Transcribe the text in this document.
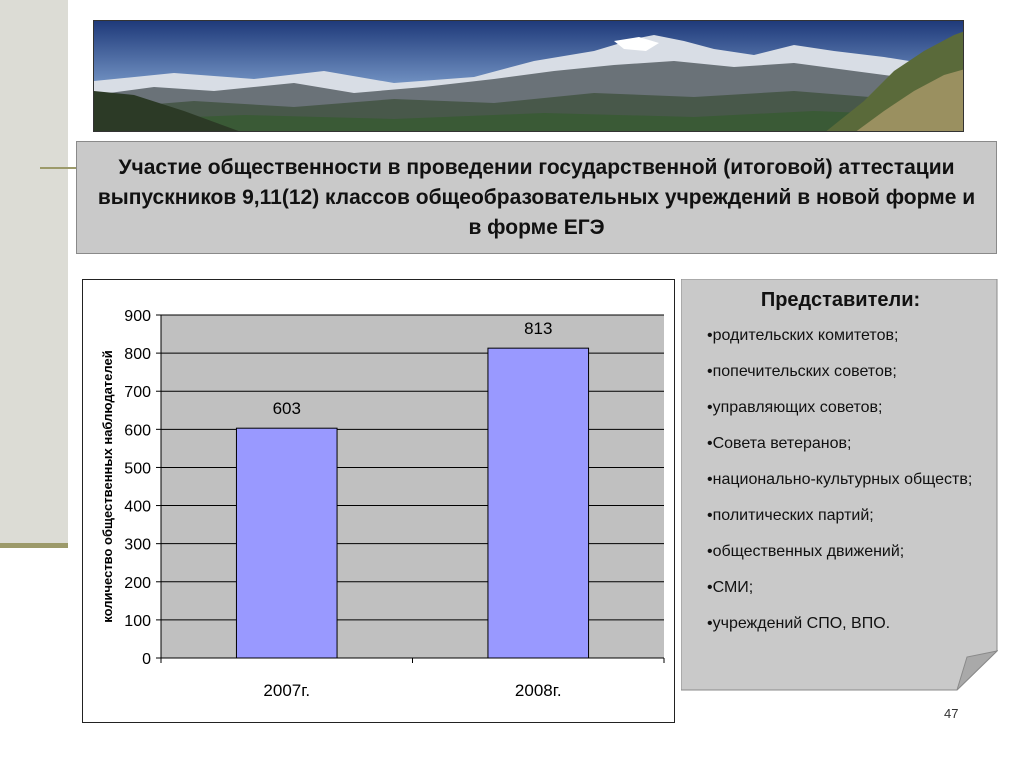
Участие общественности в проведении государственной (итоговой) аттестации выпускников 9,11(12) классов общеобразовательных учреждений в новой форме и в форме ЕГЭ
0
100
200
300
400
500
600
700
800
900
603
2007г.
813
2008г.
количество общественных наблюдателей
Представители:
•родительских комитетов;
•попечительских советов;
•управляющих советов;
•Совета ветеранов;
•национально-культурных обществ;
•политических партий;
•общественных движений;
•СМИ;
•учреждений СПО, ВПО.
47
